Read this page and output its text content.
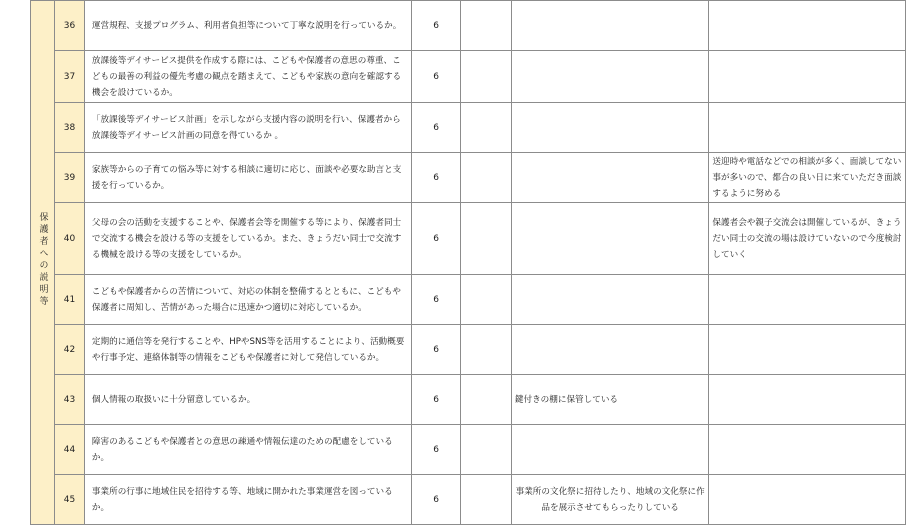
保護者への説明等	36	運営規程、支援プログラム、利用者負担等について丁寧な説明を行っているか。	6			
	37	放課後等デイサービス提供を作成する際には、こどもや保護者の意思の尊重、こどもの最善の利益の優先考慮の観点を踏まえて、こどもや家族の意向を確認する機会を設けているか。	6			
	38	「放課後等デイサービス計画」を示しながら支援内容の説明を行い、保護者から放課後等デイサービス計画の同意を得ているか 。	6			
	39	家族等からの子育ての悩み等に対する相談に適切に応じ、面談や必要な助言と支援を行っているか。	6			送迎時や電話などでの相談が多く、面談してない事が多いので、都合の良い日に来ていただき面談するように努める
	40	父母の会の活動を支援することや、保護者会等を開催する等により、保護者同士で交流する機会を設ける等の支援をしているか。また、きょうだい同士で交流する機械を設ける等の支援をしているか。	6			保護者会や親子交流会は開催しているが、きょうだい同士の交流の場は設けていないので今度検討していく
	41	こどもや保護者からの苦情について、対応の体制を整備するとともに、こどもや保護者に周知し、苦情があった場合に迅速かつ適切に対応しているか。	6			
	42	定期的に通信等を発行することや、HPやSNS等を活用することにより、活動概要や行事予定、連絡体制等の情報をこどもや保護者に対して発信しているか。	6			
	43	個人情報の取扱いに十分留意しているか。	6		鍵付きの棚に保管している	
	44	障害のあるこどもや保護者との意思の疎通や情報伝達のための配慮をしているか。	6			
	45	事業所の行事に地域住民を招待する等、地域に開かれた事業運営を図っているか。	6		事業所の文化祭に招待したり、地域の文化祭に作品を展示させてもらったりしている	
